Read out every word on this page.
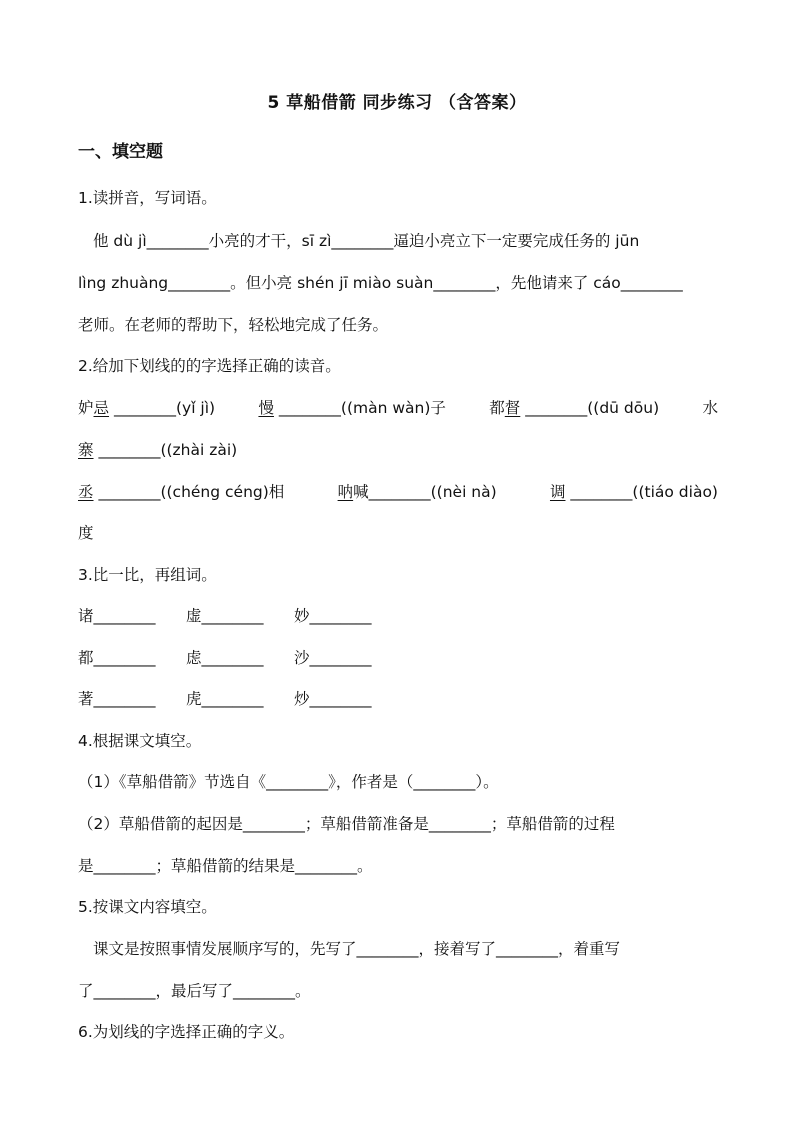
5 草船借箭 同步练习 （含答案）
一、填空题
1.读拼音，写词语。
他 dù jì________小亮的才干，sī zì________逼迫小亮立下一定要完成任务的 jūn
lìng zhuàng________。但小亮 shén jī miào suàn________，先他请来了 cáo________
老师。在老师的帮助下，轻松地完成了任务。
2.给加下划线的的字选择正确的读音。
妒忌 ________(yǐ jì)	慢 ________((màn wàn)子	都督 ________((dū dōu)	水
寨 ________((zhài zài)
丞 ________((chéng céng)相	呐喊________((nèi nà)	调 ________((tiáo diào)
度
3.比一比，再组词。
诸________	虚________	妙________
都________	虑________	沙________
著________	虎________	炒________
4.根据课文填空。
（1）《草船借箭》节选自《________》，作者是（________）。
（2）草船借箭的起因是________；草船借箭准备是________；草船借箭的过程
是________；草船借箭的结果是________。
5.按课文内容填空。
课文是按照事情发展顺序写的，先写了________，接着写了________，着重写
了________，最后写了________。
6.为划线的字选择正确的字义。
